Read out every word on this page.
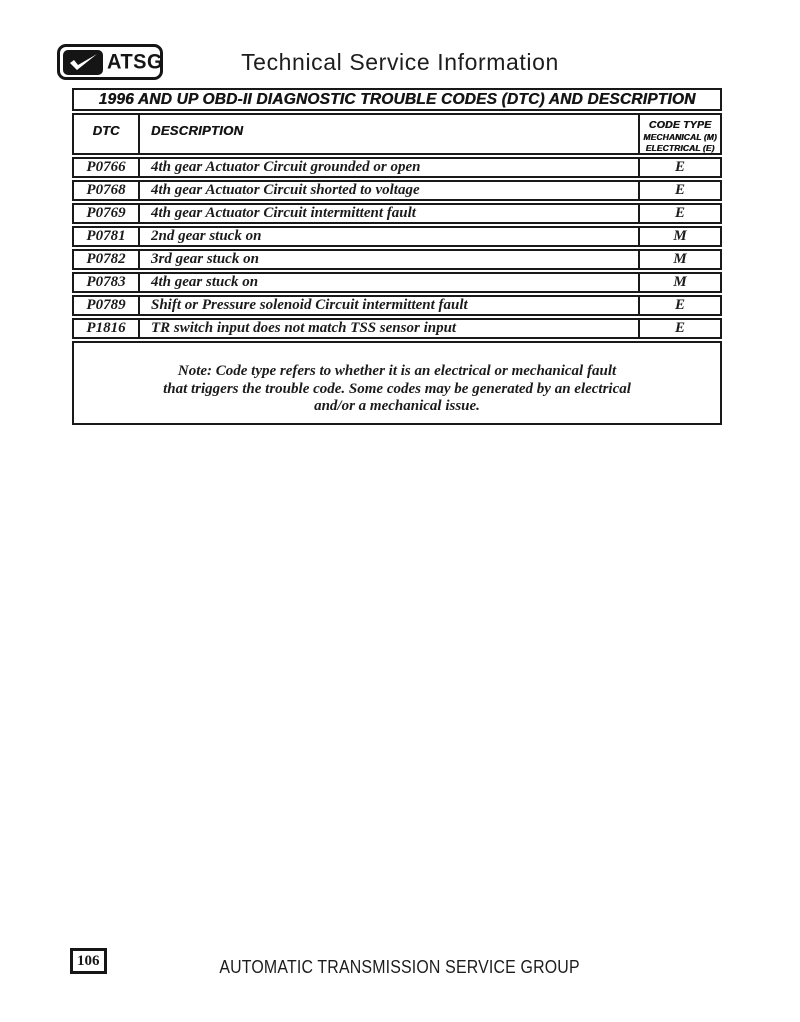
ATSG	Technical Service Information
1996 AND UP OBD-II DIAGNOSTIC TROUBLE CODES (DTC) AND DESCRIPTION		
DTC	DESCRIPTION	CODE TYPE
MECHANICAL (M)
ELECTRICAL (E)

P0766	4th gear Actuator Circuit grounded or open	E
P0768	4th gear Actuator Circuit shorted to voltage	E
P0769	4th gear Actuator Circuit intermittent fault	E
P0781	2nd gear stuck on	M
P0782	3rd gear stuck on	M
P0783	4th gear stuck on	M
P0789	Shift or Pressure solenoid Circuit intermittent fault	E
P1816	TR switch input does not match TSS sensor input	E

Note: Code type refers to whether it is an electrical or mechanical fault
that triggers the trouble code. Some codes may be generated by an electrical
and/or a mechanical issue.		
106	AUTOMATIC TRANSMISSION SERVICE GROUP
